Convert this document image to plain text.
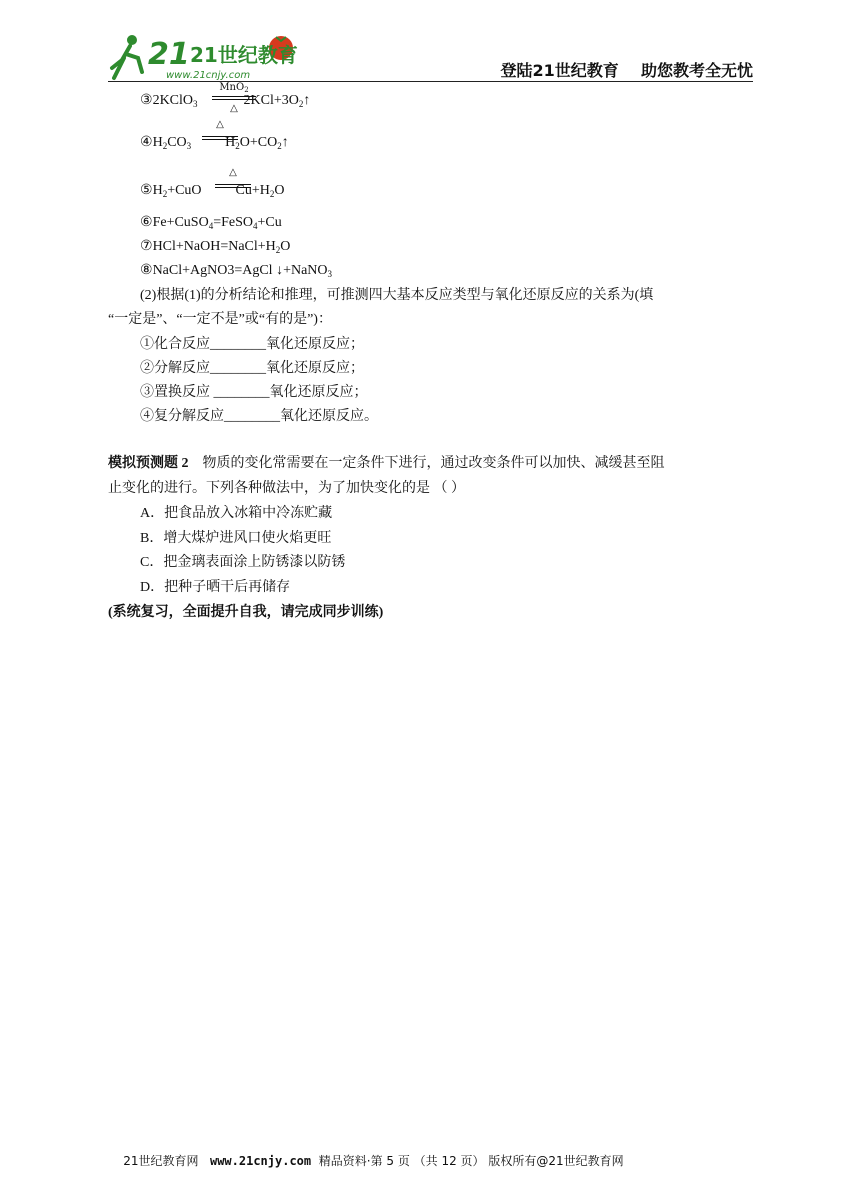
21 21世纪教育
www.21cnjy.com	登陆21世纪教育    助您教考全无忧
③2KClO$_3$	$2KCl+3O_2↑$
MnO$_2$
△
$④H_2CO_3$ $H_2O+CO_2↑$
△
$⑤H_2+CuO$ $Cu+H_2O$
△
⑥Fe+CuSO$_4$=FeSO$_4$+Cu
$⑦HCl+NaOH=NaCl+H_2O$
⑧NaCl+AgNO3=AgCl ↓+NaNO$_3$
(2)根据(1)的分析结论和推理，可推测四大基本反应类型与氧化还原反应的关系为(填
“一定是”、“一定不是”或“有的是”)：
①化合反应________氧化还原反应；
②分解反应________氧化还原反应；
③置换反应 ________氧化还原反应；
④复分解反应________氧化还原反应。
模拟预测题 2 物质的变化常需要在一定条件下进行，通过改变条件可以加快、减缓甚至阻
止变化的进行。下列各种做法中，为了加快变化的是 （ ）
A．把食品放入冰箱中冷冻贮藏
B．增大煤炉进风口使火焰更旺
C．把金璃表面涂上防锈漆以防锈
D．把种子晒干后再储存
(系统复习，全面提升自我，请完成同步训练)

21世纪教育网   www.21cnjy.com  精品资料·第 5 页 （共 12 页） 版权所有@21世纪教育网
